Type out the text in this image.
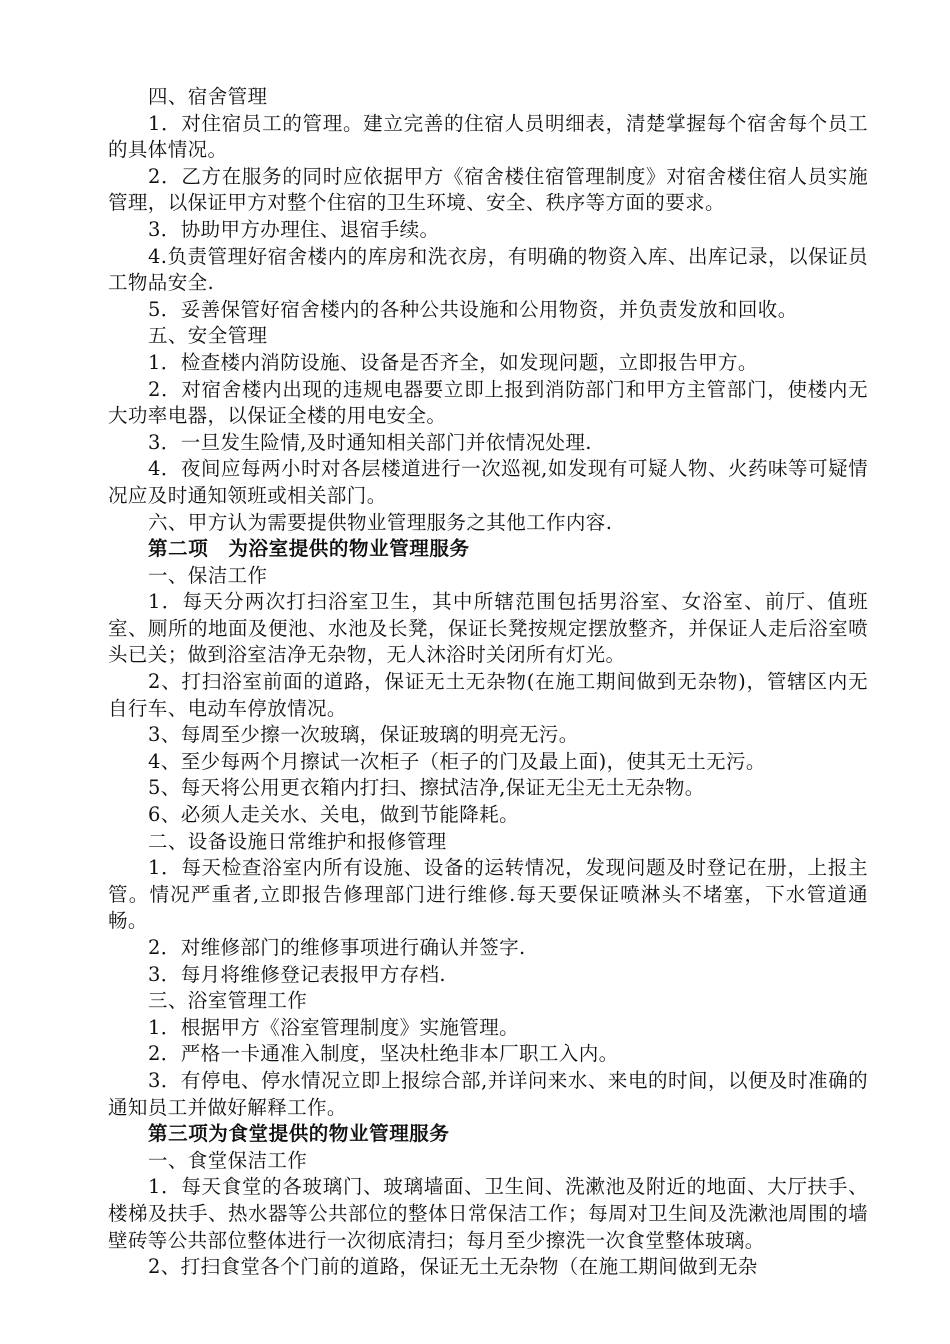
四、宿舍管理

1．对住宿员工的管理。建立完善的住宿人员明细表，清楚掌握每个宿舍每个员工的具体情况。

2．乙方在服务的同时应依据甲方《宿舍楼住宿管理制度》对宿舍楼住宿人员实施管理，以保证甲方对整个住宿的卫生环境、安全、秩序等方面的要求。

3．协助甲方办理住、退宿手续。

4.负责管理好宿舍楼内的库房和洗衣房，有明确的物资入库、出库记录，以保证员工物品安全.

5．妥善保管好宿舍楼内的各种公共设施和公用物资，并负责发放和回收。

五、安全管理

1．检查楼内消防设施、设备是否齐全，如发现问题，立即报告甲方。

2．对宿舍楼内出现的违规电器要立即上报到消防部门和甲方主管部门，使楼内无大功率电器，以保证全楼的用电安全。

3．一旦发生险情,及时通知相关部门并依情况处理.

4．夜间应每两小时对各层楼道进行一次巡视,如发现有可疑人物、火药味等可疑情况应及时通知领班或相关部门。

六、甲方认为需要提供物业管理服务之其他工作内容.

第二项　为浴室提供的物业管理服务

一、保洁工作

1．每天分两次打扫浴室卫生，其中所辖范围包括男浴室、女浴室、前厅、值班室、厕所的地面及便池、水池及长凳，保证长凳按规定摆放整齐，并保证人走后浴室喷头已关；做到浴室洁净无杂物，无人沐浴时关闭所有灯光。

2、打扫浴室前面的道路，保证无土无杂物(在施工期间做到无杂物)，管辖区内无自行车、电动车停放情况。

3、每周至少擦一次玻璃，保证玻璃的明亮无污。

4、至少每两个月擦试一次柜子（柜子的门及最上面)，使其无土无污。

5、每天将公用更衣箱内打扫、擦拭洁净,保证无尘无土无杂物。

6、必须人走关水、关电，做到节能降耗。

二、设备设施日常维护和报修管理

1．每天检查浴室内所有设施、设备的运转情况，发现问题及时登记在册，上报主管。情况严重者,立即报告修理部门进行维修.每天要保证喷淋头不堵塞，下水管道通畅。

2．对维修部门的维修事项进行确认并签字.

3．每月将维修登记表报甲方存档.

三、浴室管理工作

1．根据甲方《浴室管理制度》实施管理。

2．严格一卡通准入制度，坚决杜绝非本厂职工入内。

3．有停电、停水情况立即上报综合部,并详问来水、来电的时间，以便及时准确的通知员工并做好解释工作。

第三项为食堂提供的物业管理服务

一、食堂保洁工作

1．每天食堂的各玻璃门、玻璃墙面、卫生间、洗漱池及附近的地面、大厅扶手、楼梯及扶手、热水器等公共部位的整体日常保洁工作；每周对卫生间及洗漱池周围的墙壁砖等公共部位整体进行一次彻底清扫；每月至少擦洗一次食堂整体玻璃。

2、打扫食堂各个门前的道路，保证无土无杂物（在施工期间做到无杂
